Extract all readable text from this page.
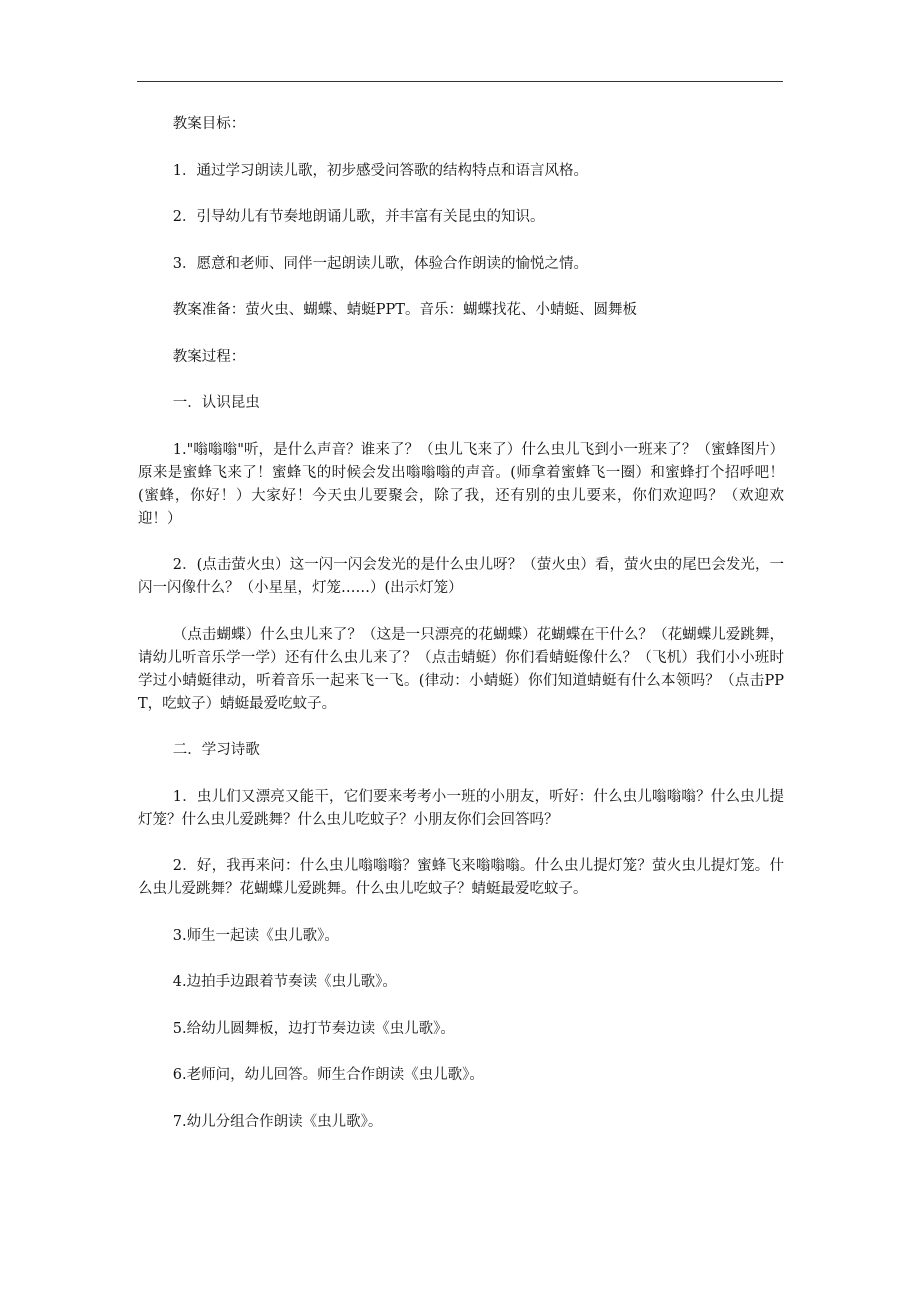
教案目标：

1．通过学习朗读儿歌，初步感受问答歌的结构特点和语言风格。

2．引导幼儿有节奏地朗诵儿歌，并丰富有关昆虫的知识。

3．愿意和老师、同伴一起朗读儿歌，体验合作朗读的愉悦之情。

教案准备：萤火虫、蝴蝶、蜻蜓PPT。音乐：蝴蝶找花、小蜻蜓、圆舞板

教案过程：

一．认识昆虫

1."嗡嗡嗡"听，是什么声音？谁来了？（虫儿飞来了）什么虫儿飞到小一班来了？（蜜蜂图片）原来是蜜蜂飞来了！蜜蜂飞的时候会发出嗡嗡嗡的声音。(师拿着蜜蜂飞一圈）和蜜蜂打个招呼吧！(蜜蜂，你好！）大家好！今天虫儿要聚会，除了我，还有别的虫儿要来，你们欢迎吗？（欢迎欢迎！）

2．(点击萤火虫）这一闪一闪会发光的是什么虫儿呀？（萤火虫）看，萤火虫的尾巴会发光，一闪一闪像什么？（小星星，灯笼……）(出示灯笼）

（点击蝴蝶）什么虫儿来了？（这是一只漂亮的花蝴蝶）花蝴蝶在干什么？（花蝴蝶儿爱跳舞，请幼儿听音乐学一学）还有什么虫儿来了？（点击蜻蜓）你们看蜻蜓像什么？（飞机）我们小小班时学过小蜻蜓律动，听着音乐一起来飞一飞。(律动：小蜻蜓）你们知道蜻蜓有什么本领吗？（点击PPT，吃蚊子）蜻蜓最爱吃蚊子。

二．学习诗歌

1．虫儿们又漂亮又能干，它们要来考考小一班的小朋友，听好：什么虫儿嗡嗡嗡？什么虫儿提灯笼？什么虫儿爱跳舞？什么虫儿吃蚊子？小朋友你们会回答吗？

2．好，我再来问：什么虫儿嗡嗡嗡？蜜蜂飞来嗡嗡嗡。什么虫儿提灯笼？萤火虫儿提灯笼。什么虫儿爱跳舞？花蝴蝶儿爱跳舞。什么虫儿吃蚊子？蜻蜓最爱吃蚊子。

3.师生一起读《虫儿歌》。

4.边拍手边跟着节奏读《虫儿歌》。

5.给幼儿圆舞板，边打节奏边读《虫儿歌》。

6.老师问，幼儿回答。师生合作朗读《虫儿歌》。

7.幼儿分组合作朗读《虫儿歌》。
